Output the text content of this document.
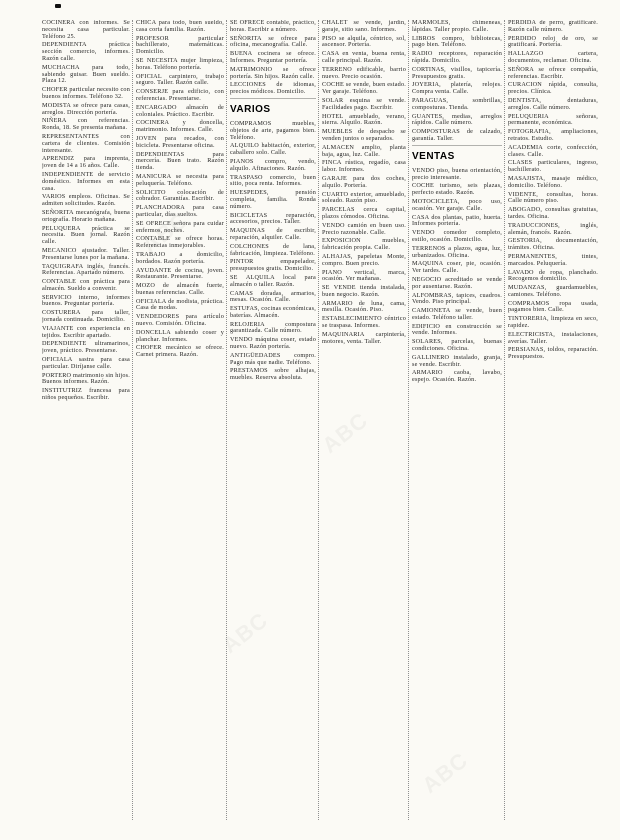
COCINERA con informes. Se necesita casa particular. Teléfono 25.
DEPENDIENTA práctica sección comercio, informes. Razón calle.
MUCHACHA para todo, sabiendo guisar. Buen sueldo. Plaza 12.
CHOFER particular necesito con buenos informes. Teléfono 32.
MODISTA se ofrece para casas, arreglos. Dirección portería.
NIÑERA con referencias. Ronda, 18. Se presenta mañana.
REPRESENTANTES con cartera de clientes. Comisión interesante.
APRENDIZ para imprenta, joven de 14 a 16 años. Calle.
INDEPENDIENTE de servicio doméstico. Informes en esta casa.
VARIOS empleos. Oficinas. Se admiten solicitudes. Razón.
SEÑORITA mecanógrafa, buena ortografía. Horario mañana.
PELUQUERA práctica se necesita. Buen jornal. Razón calle.
MECANICO ajustador. Taller. Presentarse lunes por la mañana.
TAQUIGRAFA inglés, francés. Referencias. Apartado número.
CONTABLE con práctica para almacén. Sueldo a convenir.
SERVICIO interno, informes buenos. Preguntar portería.
COSTURERA para taller, jornada continuada. Domicilio.
VIAJANTE con experiencia en tejidos. Escribir apartado.
DEPENDIENTE ultramarinos, joven, práctico. Presentarse.
OFICIALA sastra para casa particular. Diríjanse calle.
PORTERO matrimonio sin hijos. Buenos informes. Razón.
INSTITUTRIZ francesa para niños pequeños. Escribir.
CHICA para todo, buen sueldo, casa corta familia. Razón.
PROFESOR particular bachillerato, matemáticas. Domicilio.
SE NECESITA mujer limpieza, horas. Teléfono portería.
OFICIAL carpintero, trabajo seguro. Taller. Razón calle.
CONSERJE para edificio, con referencias. Presentarse.
ENCARGADO almacén de coloniales. Práctico. Escribir.
COCINERA y doncella, matrimonio. Informes. Calle.
JOVEN para recados, con bicicleta. Presentarse oficina.
DEPENDIENTAS para mercería. Buen trato. Razón tienda.
MANICURA se necesita para peluquería. Teléfono.
SOLICITO colocación de cobrador. Garantías. Escribir.
PLANCHADORA para casa particular, días sueltos.
SE OFRECE señora para cuidar enfermos, noches.
CONTABLE se ofrece horas. Referencias inmejorables.
TRABAJO a domicilio, bordados. Razón portería.
AYUDANTE de cocina, joven. Restaurante. Presentarse.
MOZO de almacén fuerte, buenas referencias. Calle.
OFICIALA de modista, práctica. Casa de modas.
VENDEDORES para artículo nuevo. Comisión. Oficina.
DONCELLA sabiendo coser y planchar. Informes.
CHOFER mecánico se ofrece. Carnet primera. Razón.
SE OFRECE contable, práctico, horas. Escribir a número.
SEÑORITA se ofrece para oficina, mecanografía. Calle.
BUENA cocinera se ofrece. Informes. Preguntar portería.
MATRIMONIO se ofrece portería. Sin hijos. Razón calle.
LECCIONES de idiomas, precios módicos. Domicilio.
VARIOS
COMPRAMOS muebles, objetos de arte, pagamos bien. Teléfono.
ALQUILO habitación, exterior, caballero solo. Calle.
PIANOS compro, vendo, alquilo. Afinaciones. Razón.
TRASPASO comercio, buen sitio, poca renta. Informes.
HUESPEDES, pensión completa, familia. Ronda número.
BICICLETAS reparación, accesorios, precios. Taller.
MAQUINAS de escribir, reparación, alquiler. Calle.
COLCHONES de lana, fabricación, limpieza. Teléfono.
PINTOR empapelador, presupuestos gratis. Domicilio.
SE ALQUILA local para almacén o taller. Razón.
CAMAS doradas, armarios, mesas. Ocasión. Calle.
ESTUFAS, cocinas económicas, baterías. Almacén.
RELOJERIA compostura garantizada. Calle número.
VENDO máquina coser, estado nuevo. Razón portería.
ANTIGÜEDADES compro. Pago más que nadie. Teléfono.
PRESTAMOS sobre alhajas, muebles. Reserva absoluta.
CHALET se vende, jardín, garaje, sitio sano. Informes.
PISO se alquila, céntrico, sol, ascensor. Portería.
CASA en venta, buena renta, calle principal. Razón.
TERRENO edificable, barrio nuevo. Precio ocasión.
COCHE se vende, buen estado. Ver garaje. Teléfono.
SOLAR esquina se vende. Facilidades pago. Escribir.
HOTEL amueblado, verano, sierra. Alquilo. Razón.
MUEBLES de despacho se venden juntos o separados.
ALMACEN amplio, planta baja, agua, luz. Calle.
FINCA rústica, regadío, casa labor. Informes.
GARAJE para dos coches, alquilo. Portería.
CUARTO exterior, amueblado, soleado. Razón piso.
PARCELAS cerca capital, plazos cómodos. Oficina.
VENDO camión en buen uso. Precio razonable. Calle.
EXPOSICION muebles, fabricación propia. Calle.
ALHAJAS, papeletas Monte, compro. Buen precio.
PIANO vertical, marca, ocasión. Ver mañanas.
SE VENDE tienda instalada, buen negocio. Razón.
ARMARIO de luna, cama, mesilla. Ocasión. Piso.
ESTABLECIMIENTO céntrico se traspasa. Informes.
MAQUINARIA carpintería, motores, venta. Taller.
MARMOLES, chimeneas, lápidas. Taller propio. Calle.
LIBROS compro, bibliotecas, pago bien. Teléfono.
RADIO receptores, reparación rápida. Domicilio.
CORTINAS, visillos, tapicería. Presupuestos gratis.
JOYERIA, platería, relojes. Compra venta. Calle.
PARAGUAS, sombrillas, composturas. Tienda.
GUANTES, medias, arreglos rápidos. Calle número.
COMPOSTURAS de calzado, garantía. Taller.
VENTAS
VENDO piso, buena orientación, precio interesante.
COCHE turismo, seis plazas, perfecto estado. Razón.
MOTOCICLETA, poco uso, ocasión. Ver garaje. Calle.
CASA dos plantas, patio, huerta. Informes portería.
VENDO comedor completo, estilo, ocasión. Domicilio.
TERRENOS a plazos, agua, luz, urbanizados. Oficina.
MAQUINA coser, pie, ocasión. Ver tardes. Calle.
NEGOCIO acreditado se vende por ausentarse. Razón.
ALFOMBRAS, tapices, cuadros. Vendo. Piso principal.
CAMIONETA se vende, buen estado. Teléfono taller.
EDIFICIO en construcción se vende. Informes.
SOLARES, parcelas, buenas condiciones. Oficina.
GALLINERO instalado, granja, se vende. Escribir.
ARMARIO caoba, lavabo, espejo. Ocasión. Razón.
PERDIDA de perro, gratificaré. Razón calle número.
PERDIDO reloj de oro, se gratificará. Portería.
HALLAZGO cartera, documentos, reclamar. Oficina.
SEÑORA se ofrece compañía, referencias. Escribir.
CURACION rápida, consulta, precios. Clínica.
DENTISTA, dentaduras, arreglos. Calle número.
PELUQUERIA señoras, permanente, económica.
FOTOGRAFIA, ampliaciones, retratos. Estudio.
ACADEMIA corte, confección, clases. Calle.
CLASES particulares, ingreso, bachillerato.
MASAJISTA, masaje médico, domicilio. Teléfono.
VIDENTE, consultas, horas. Calle número piso.
ABOGADO, consultas gratuitas, tardes. Oficina.
TRADUCCIONES, inglés, alemán, francés. Razón.
GESTORIA, documentación, trámites. Oficina.
PERMANENTES, tintes, marcados. Peluquería.
LAVADO de ropa, planchado. Recogemos domicilio.
MUDANZAS, guardamuebles, camiones. Teléfono.
COMPRAMOS ropa usada, pagamos bien. Calle.
TINTORERIA, limpieza en seco, rapidez.
ELECTRICISTA, instalaciones, averías. Taller.
PERSIANAS, toldos, reparación. Presupuestos.
